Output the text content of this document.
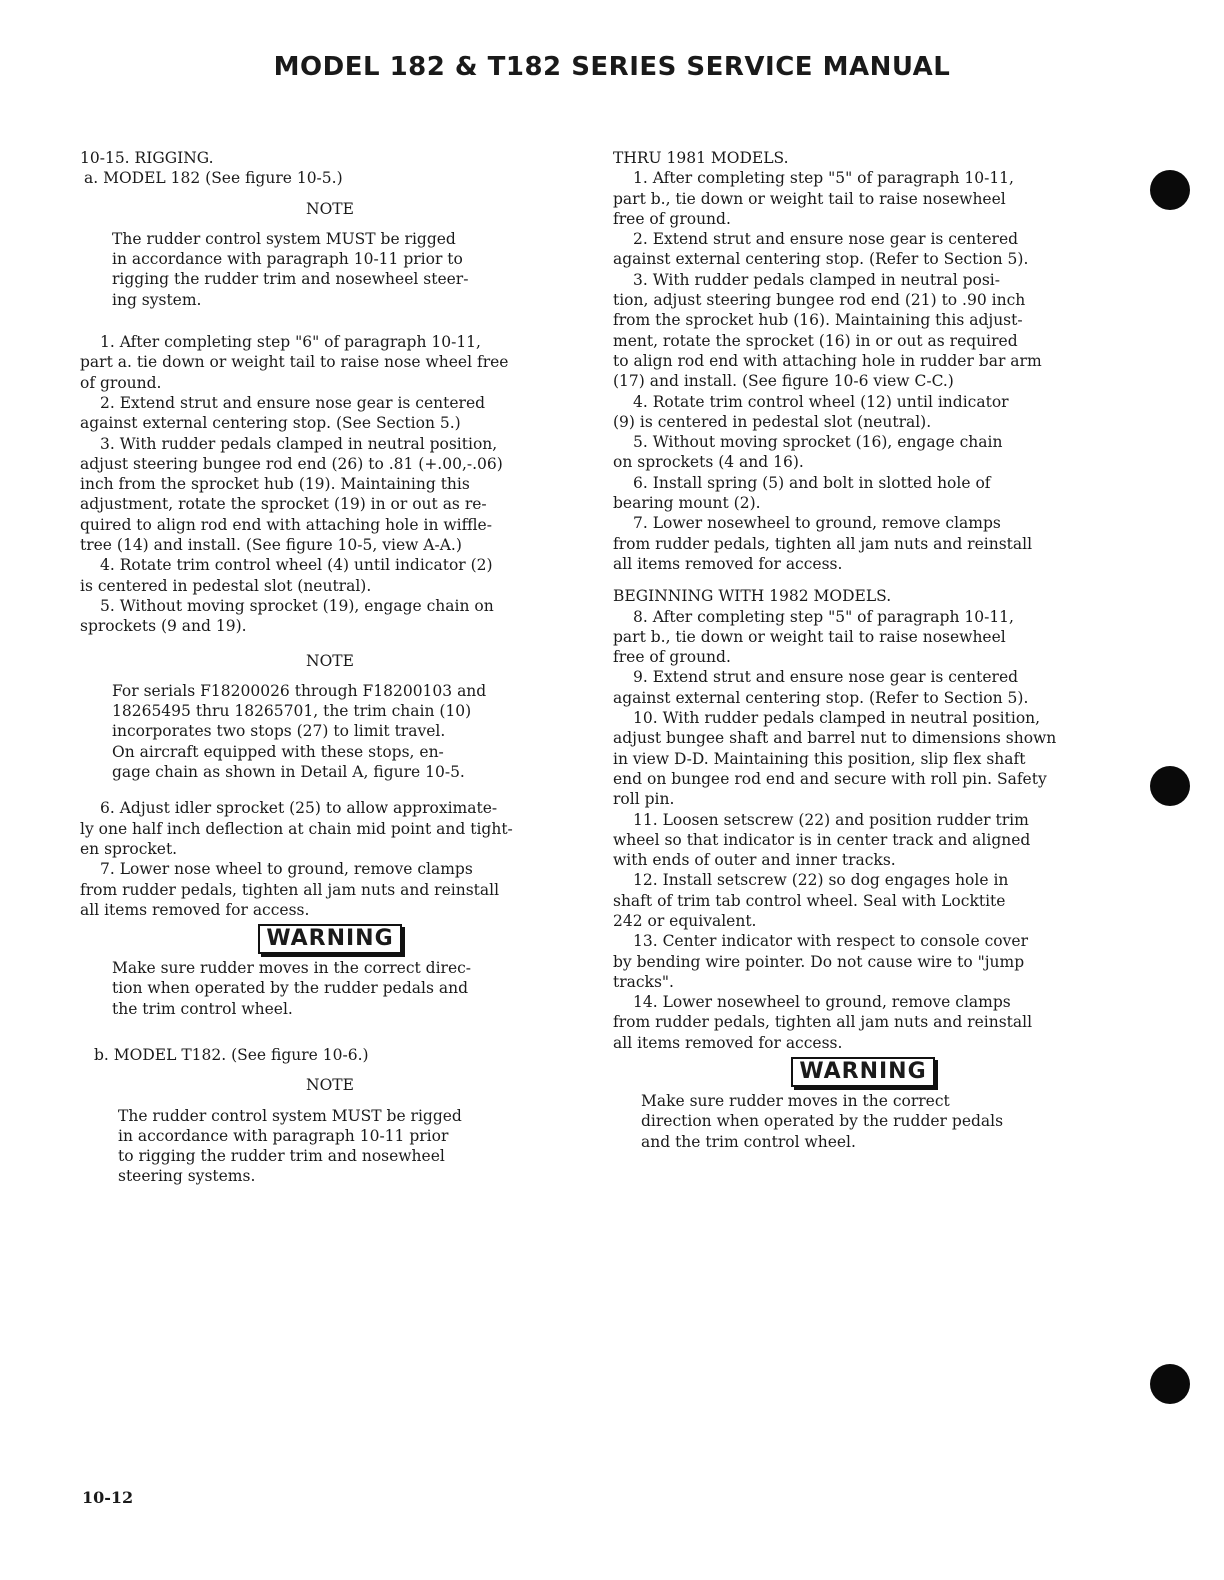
MODEL 182 & T182 SERIES SERVICE MANUAL
10-15. RIGGING.
a. MODEL 182 (See figure 10-5.)
NOTE
The rudder control system MUST be rigged
in accordance with paragraph 10-11 prior to
rigging the rudder trim and nosewheel steer-
ing system.
1. After completing step "6" of paragraph 10-11,
part a. tie down or weight tail to raise nose wheel free
of ground.
2. Extend strut and ensure nose gear is centered
against external centering stop. (See Section 5.)
3. With rudder pedals clamped in neutral position,
adjust steering bungee rod end (26) to .81 (+.00,-.06)
inch from the sprocket hub (19). Maintaining this
adjustment, rotate the sprocket (19) in or out as re-
quired to align rod end with attaching hole in wiffle-
tree (14) and install. (See figure 10-5, view A-A.)
4. Rotate trim control wheel (4) until indicator (2)
is centered in pedestal slot (neutral).
5. Without moving sprocket (19), engage chain on
sprockets (9 and 19).
NOTE
For serials F18200026 through F18200103 and
18265495 thru 18265701, the trim chain (10)
incorporates two stops (27) to limit travel.
On aircraft equipped with these stops, en-
gage chain as shown in Detail A, figure 10-5.
6. Adjust idler sprocket (25) to allow approximate-
ly one half inch deflection at chain mid point and tight-
en sprocket.
7. Lower nose wheel to ground, remove clamps
from rudder pedals, tighten all jam nuts and reinstall
all items removed for access.
WARNING
Make sure rudder moves in the correct direc-
tion when operated by the rudder pedals and
the trim control wheel.
b. MODEL T182. (See figure 10-6.)
NOTE
The rudder control system MUST be rigged
in accordance with paragraph 10-11 prior
to rigging the rudder trim and nosewheel
steering systems.
THRU 1981 MODELS.
1. After completing step "5" of paragraph 10-11,
part b., tie down or weight tail to raise nosewheel
free of ground.
2. Extend strut and ensure nose gear is centered
against external centering stop. (Refer to Section 5).
3. With rudder pedals clamped in neutral posi-
tion, adjust steering bungee rod end (21) to .90 inch
from the sprocket hub (16). Maintaining this adjust-
ment, rotate the sprocket (16) in or out as required
to align rod end with attaching hole in rudder bar arm
(17) and install. (See figure 10-6 view C-C.)
4. Rotate trim control wheel (12) until indicator
(9) is centered in pedestal slot (neutral).
5. Without moving sprocket (16), engage chain
on sprockets (4 and 16).
6. Install spring (5) and bolt in slotted hole of
bearing mount (2).
7. Lower nosewheel to ground, remove clamps
from rudder pedals, tighten all jam nuts and reinstall
all items removed for access.
BEGINNING WITH 1982 MODELS.
8. After completing step "5" of paragraph 10-11,
part b., tie down or weight tail to raise nosewheel
free of ground.
9. Extend strut and ensure nose gear is centered
against external centering stop. (Refer to Section 5).
10. With rudder pedals clamped in neutral position,
adjust bungee shaft and barrel nut to dimensions shown
in view D-D. Maintaining this position, slip flex shaft
end on bungee rod end and secure with roll pin. Safety
roll pin.
11. Loosen setscrew (22) and position rudder trim
wheel so that indicator is in center track and aligned
with ends of outer and inner tracks.
12. Install setscrew (22) so dog engages hole in
shaft of trim tab control wheel. Seal with Locktite
242 or equivalent.
13. Center indicator with respect to console cover
by bending wire pointer. Do not cause wire to "jump
tracks".
14. Lower nosewheel to ground, remove clamps
from rudder pedals, tighten all jam nuts and reinstall
all items removed for access.
WARNING
Make sure rudder moves in the correct
direction when operated by the rudder pedals
and the trim control wheel.
10-12
